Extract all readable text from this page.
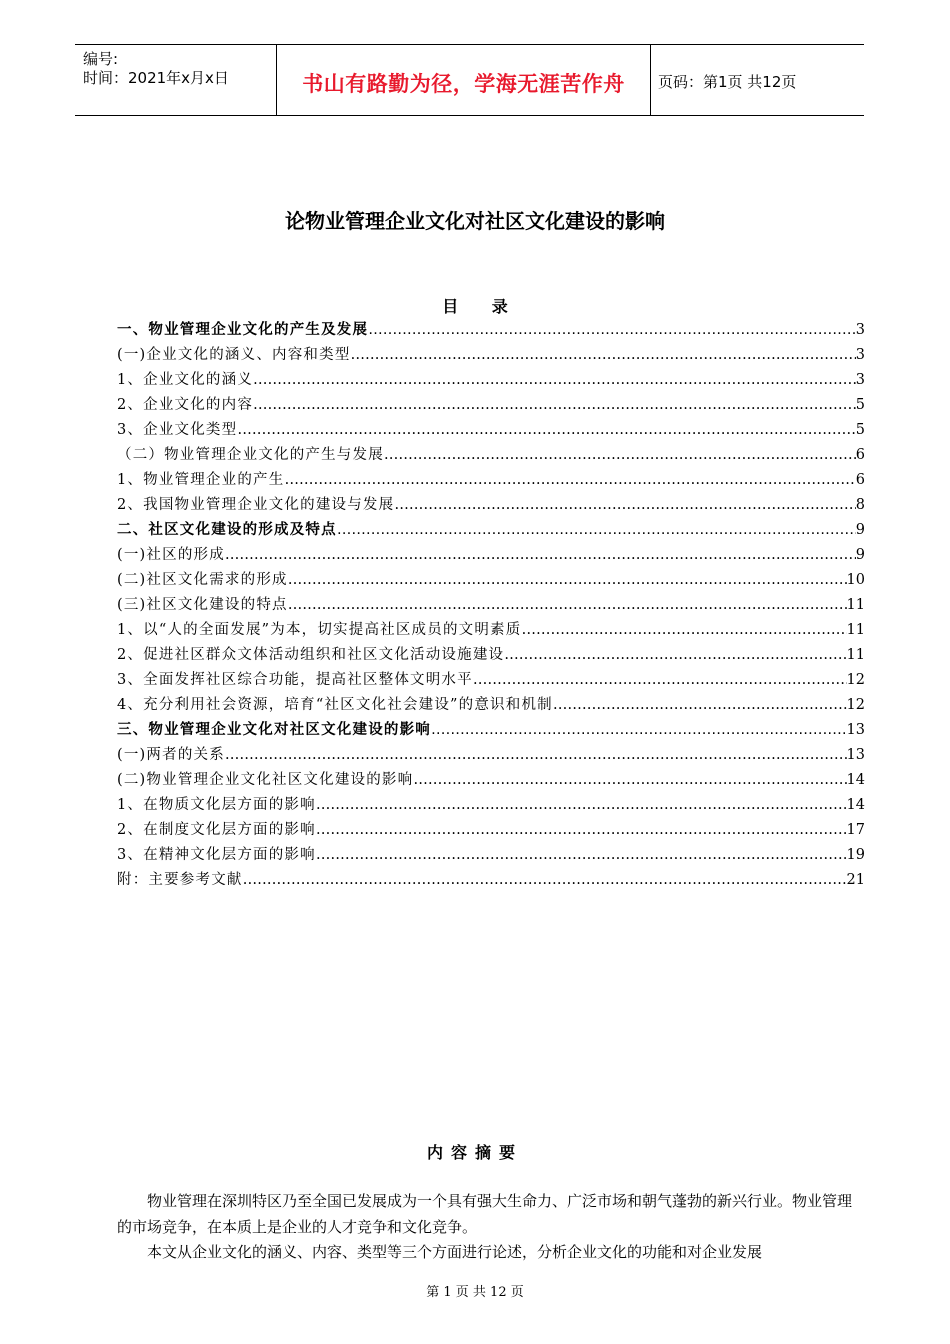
编号:
时间：2021年x月x日	书山有路勤为径，学海无涯苦作舟	页码：第1页 共12页
论物业管理企业文化对社区文化建设的影响
目      录
一、物业管理企业文化的产生及发展 ……………………………………………………………………………………………………………………………………………………………………………………………………………	3
(一)企业文化的涵义、内容和类型 ……………………………………………………………………………………………………………………………………………………………………………………………………………	3
1、企业文化的涵义 ……………………………………………………………………………………………………………………………………………………………………………………………………………	3
2、企业文化的内容 ……………………………………………………………………………………………………………………………………………………………………………………………………………	5
3、企业文化类型 ……………………………………………………………………………………………………………………………………………………………………………………………………………	5
（二）物业管理企业文化的产生与发展 ……………………………………………………………………………………………………………………………………………………………………………………………………………	6
1、物业管理企业的产生 ……………………………………………………………………………………………………………………………………………………………………………………………………………	6
2、我国物业管理企业文化的建设与发展 ……………………………………………………………………………………………………………………………………………………………………………………………………………	8
二、社区文化建设的形成及特点 ……………………………………………………………………………………………………………………………………………………………………………………………………………	9
(一)社区的形成 ……………………………………………………………………………………………………………………………………………………………………………………………………………	9
(二)社区文化需求的形成 ……………………………………………………………………………………………………………………………………………………………………………………………………………	10
(三)社区文化建设的特点 ……………………………………………………………………………………………………………………………………………………………………………………………………………	11
1、以“人的全面发展”为本，切实提高社区成员的文明素质 ……………………………………………………………………………………………………………………………………………………………………………………………………………	11
2、促进社区群众文体活动组织和社区文化活动设施建设 ……………………………………………………………………………………………………………………………………………………………………………………………………………	11
3、全面发挥社区综合功能，提高社区整体文明水平 ……………………………………………………………………………………………………………………………………………………………………………………………………………	12
4、充分利用社会资源，培育“社区文化社会建设”的意识和机制 ……………………………………………………………………………………………………………………………………………………………………………………………………………	12
三、物业管理企业文化对社区文化建设的影响 ……………………………………………………………………………………………………………………………………………………………………………………………………………	13
(一)两者的关系 ……………………………………………………………………………………………………………………………………………………………………………………………………………	13
(二)物业管理企业文化社区文化建设的影响 ……………………………………………………………………………………………………………………………………………………………………………………………………………	14
1、在物质文化层方面的影响 ……………………………………………………………………………………………………………………………………………………………………………………………………………	14
2、在制度文化层方面的影响 ……………………………………………………………………………………………………………………………………………………………………………………………………………	17
3、在精神文化层方面的影响 ……………………………………………………………………………………………………………………………………………………………………………………………………………	19
附：主要参考文献 ……………………………………………………………………………………………………………………………………………………………………………………………………………	21
内容摘要
物业管理在深圳特区乃至全国已发展成为一个具有强大生命力、广泛市场和朝气蓬勃的新兴行业。物业管理的市场竞争，在本质上是企业的人才竞争和文化竞争。
本文从企业文化的涵义、内容、类型等三个方面进行论述，分析企业文化的功能和对企业发展
第 1 页 共 12 页
